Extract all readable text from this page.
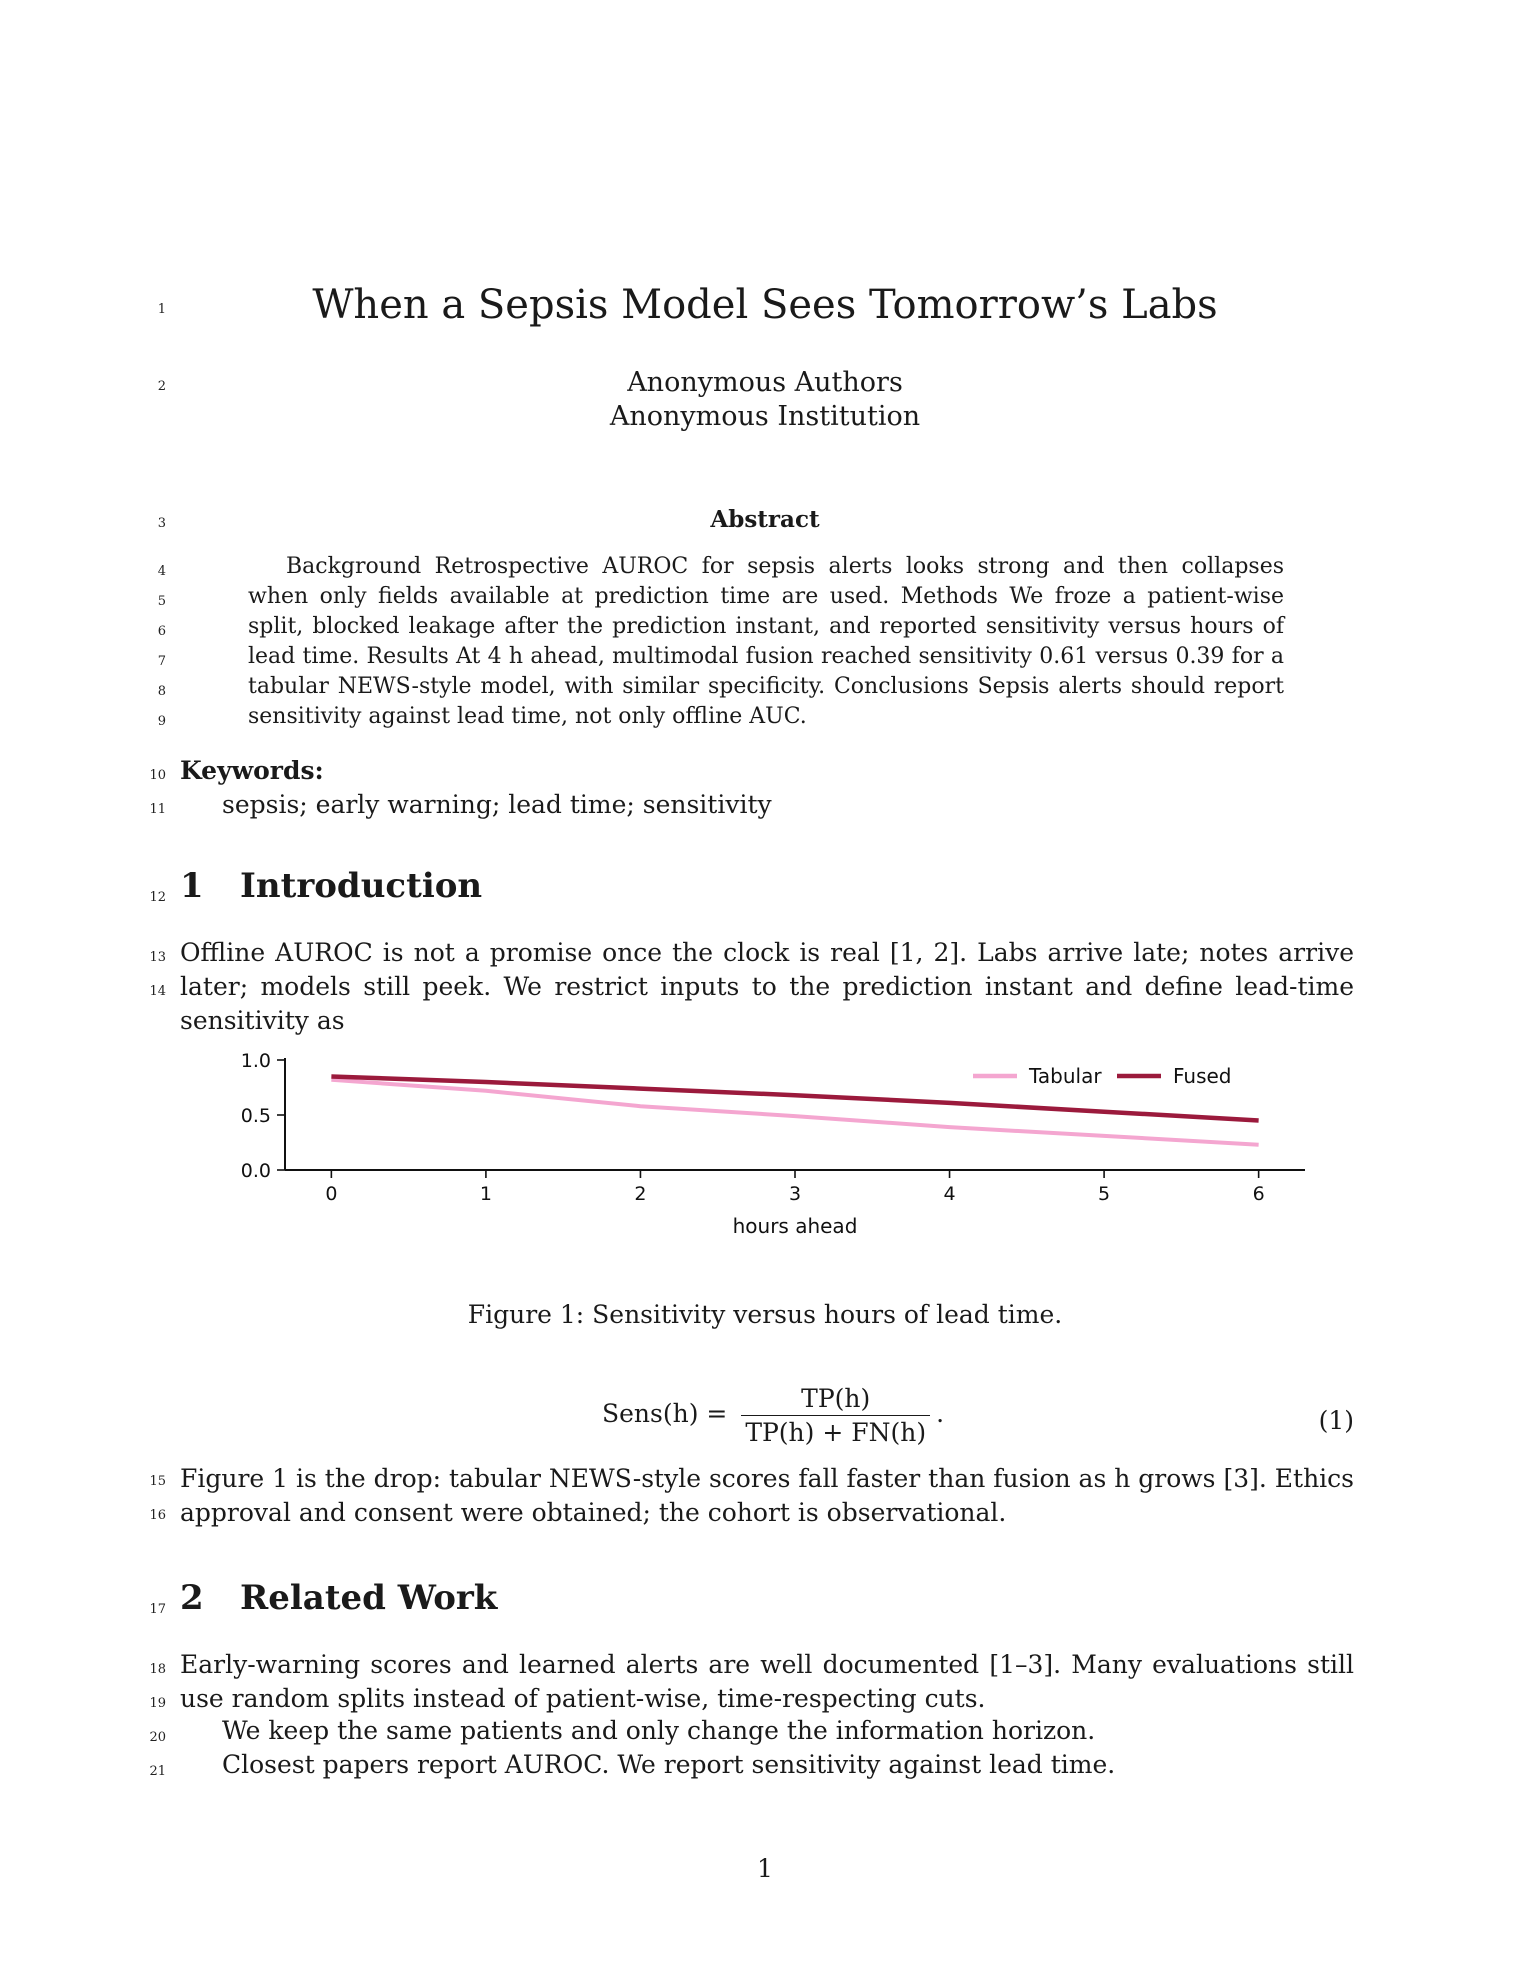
1
2
3
4
5
6
7
8
9
10
11
12
13
14
15
16
17
18
19
20
21
When a Sepsis Model Sees Tomorrow’s Labs
Anonymous Authors
Anonymous Institution
Abstract

Background Retrospective AUROC for sepsis alerts looks strong and then collapses when only fields available at prediction time are used. Methods We froze a patient-wise split, blocked leakage after the prediction instant, and reported sensitivity versus hours of lead time. Results At 4 h ahead, multimodal fusion reached sensitivity 0.61 versus 0.39 for a tabular NEWS-style model, with similar specificity. Conclusions Sepsis alerts should report sensitivity against lead time, not only offline AUC.

Keywords:
sepsis; early warning; lead time; sensitivity
1 Introduction

Offline AUROC is not a promise once the clock is real [1, 2]. Labs arrive late; notes arrive later; models still peek. We restrict inputs to the prediction instant and define lead-time sensitivity as

0.0
0.5
1.0
0	1	2	3	4	5	6
hours ahead
Tabular	Fused
Figure 1: Sensitivity versus hours of lead time.
Sens(h) = $\frac{TP(h)}{TP(h) + FN(h)}$ .	(1)

Figure 1 is the drop: tabular NEWS-style scores fall faster than fusion as h grows [3]. Ethics approval and consent were obtained; the cohort is observational.

2 Related Work

Early-warning scores and learned alerts are well documented [1–3]. Many evaluations still use random splits instead of patient-wise, time-respecting cuts.

We keep the same patients and only change the information horizon.
Closest papers report AUROC. We report sensitivity against lead time.
1
